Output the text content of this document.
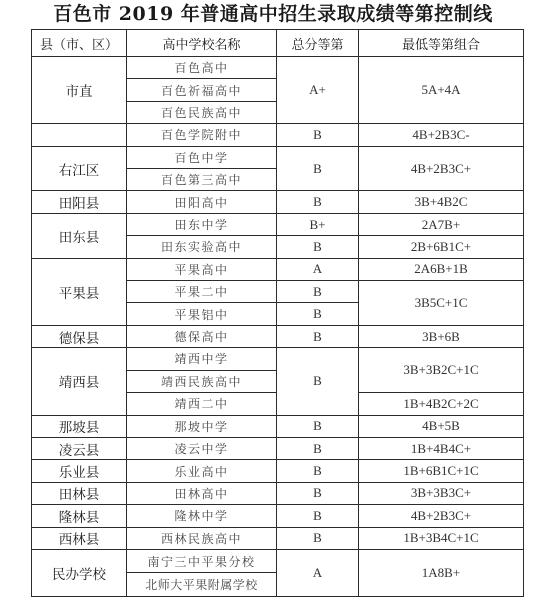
百色市 2019 年普通高中招生录取成绩等第控制线
县（市、区）	高中学校名称	总分等第	最低等第组合
市直	百色高中	A+	5A+4A
	百色祈福高中		
	百色民族高中		
	百色学院附中	B	4B+2B3C-
右江区	百色中学	B	4B+2B3C+
	百色第三高中		
田阳县	田阳高中	B	3B+4B2C
田东县	田东中学	B+	2A7B+
	田东实验高中	B	2B+6B1C+
平果县	平果高中	A	2A6B+1B
	平果二中	B	3B5C+1C
	平果铝中	B	
德保县	德保高中	B	3B+6B
靖西县	靖西中学	B	3B+3B2C+1C
	靖西民族高中		
	靖西二中		1B+4B2C+2C
那坡县	那坡中学	B	4B+5B
凌云县	凌云中学	B	1B+4B4C+
乐业县	乐业高中	B	1B+6B1C+1C
田林县	田林高中	B	3B+3B3C+
隆林县	隆林中学	B	4B+2B3C+
西林县	西林民族高中	B	1B+3B4C+1C
民办学校	南宁三中平果分校	A	1A8B+
	北师大平果附属学校		
